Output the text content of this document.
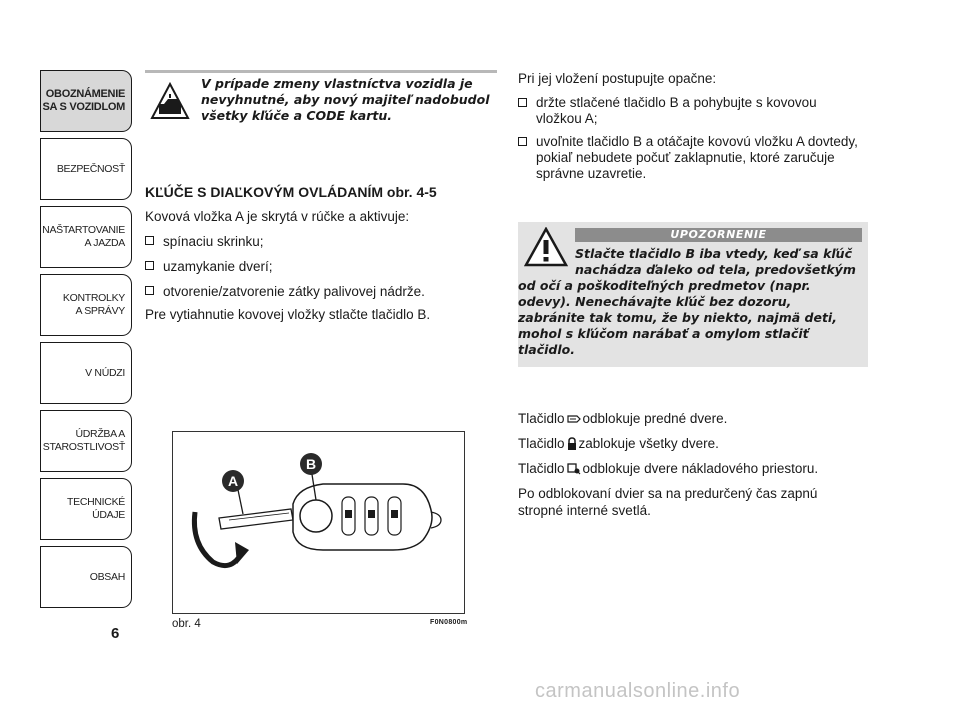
OBOZNÁMENIE
SA S VOZIDLOM
BEZPEČNOSŤ
NAŠTARTOVANIE
A JAZDA
KONTROLKY
A SPRÁVY
V NÚDZI
ÚDRŽBA A
STAROSTLIVOSŤ
TECHNICKÉ
ÚDAJE
OBSAH
6
V prípade zmeny vlastníctva vozidla je nevyhnutné, aby nový majiteľ nadobudol všetky kľúče a CODE kartu.
KĽÚČE S DIAĽKOVÝM OVLÁDANÍM obr. 4-5
Kovová vložka A je skrytá v rúčke a aktivuje:
spínaciu skrinku;
uzamykanie dverí;
otvorenie/zatvorenie zátky palivovej nádrže.
Pre vytiahnutie kovovej vložky stlačte tlačidlo B.
B
A
obr. 4	F0N0800m
Pri jej vložení postupujte opačne:
držte stlačené tlačidlo B a pohybujte s kovovou vložkou A;
uvoľnite tlačidlo B a otáčajte kovovú vložku A dovtedy, pokiaľ nebudete počuť zaklapnutie, ktoré zaručuje správne uzavretie.
UPOZORNENIE
Stlačte tlačidlo B iba vtedy, keď sa kľúč
nachádza ďaleko od tela, predovšetkým
od očí a poškoditeľných predmetov (napr.
odevy). Nenechávajte kľúč bez dozoru,
zabránite tak tomu, že by niekto, najmä deti,
mohol s kľúčom narábať a omylom stlačiť
tlačidlo.
Tlačidlo odblokuje predné dvere.
Tlačidlo zablokuje všetky dvere.
Tlačidlo odblokuje dvere nákladového priestoru.
Po odblokovaní dvier sa na predurčený čas zapnú
stropné interné svetlá.
carmanualsonline.info
